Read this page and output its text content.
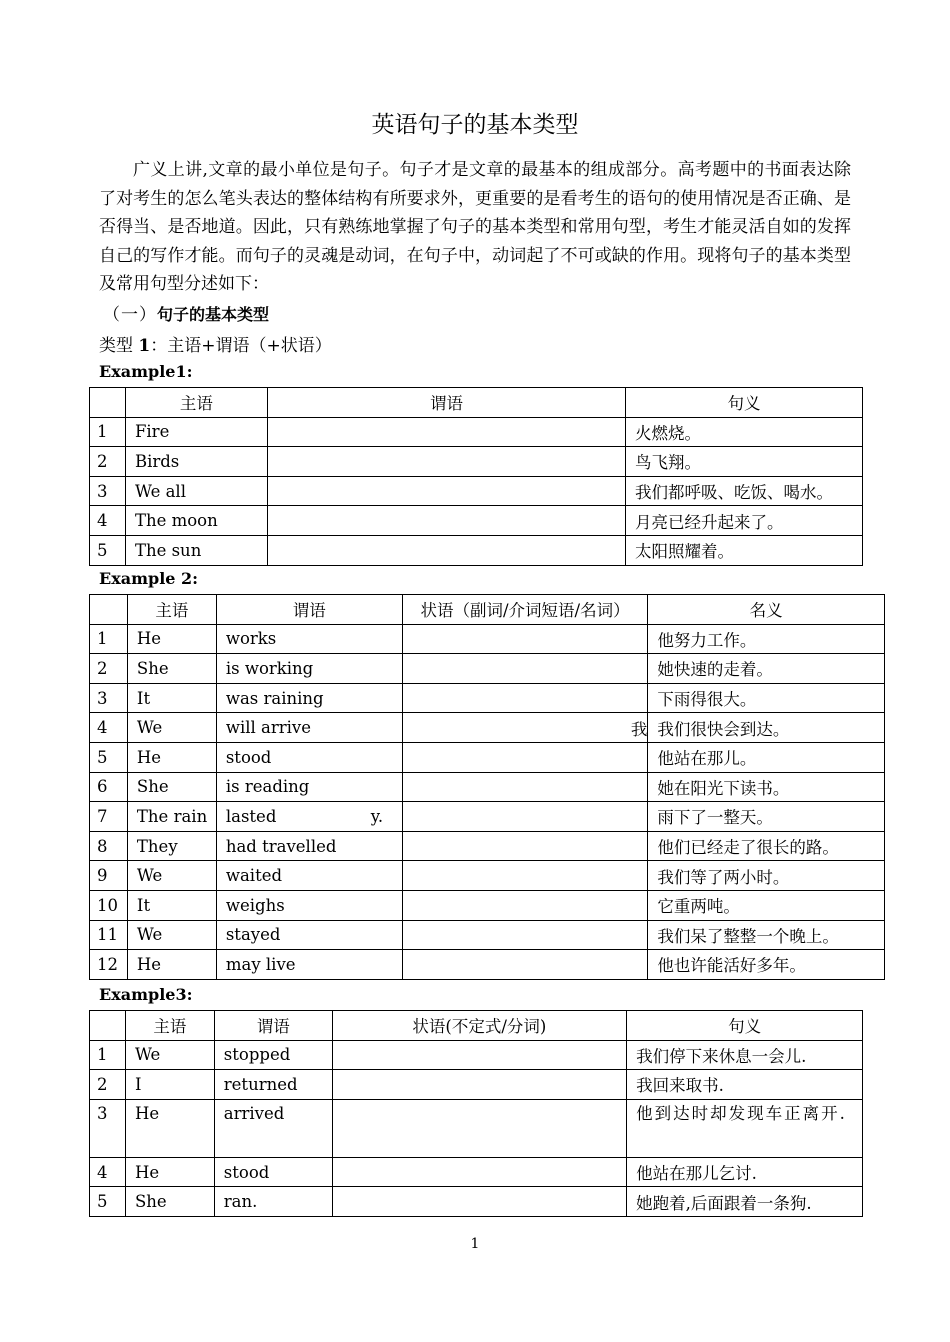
英语句子的基本类型
广义上讲,文章的最小单位是句子。句子才是文章的最基本的组成部分。高考题中的书面表达除了对考生的怎么笔头表达的整体结构有所要求外，更重要的是看考生的语句的使用情况是否正确、是否得当、是否地道。因此，只有熟练地掌握了句子的基本类型和常用句型，考生才能灵活自如的发挥自己的写作才能。而句子的灵魂是动词，在句子中，动词起了不可或缺的作用。现将句子的基本类型及常用句型分述如下：
（一）句子的基本类型
类型 1：主语+谓语（+状语）
Example1:
	主语	谓语	句义
1	Fire		火燃烧。
2	Birds		鸟飞翔。
3	We all		我们都呼吸、吃饭、喝水。
4	The moon		月亮已经升起来了。
5	The sun		太阳照耀着。
Example 2:
	主语	谓语	状语（副词/介词短语/名词）	名义
1	He	works		他努力工作。
2	She	is working		她快速的走着。
3	It	was raining		下雨得很大。
4	We	will arrive	我	我们很快会到达。
5	He	stood		他站在那儿。
6	She	is reading		她在阳光下读书。
7	The rain	lasted                  y.		雨下了一整天。
8	They	had travelled		他们已经走了很长的路。
9	We	waited		我们等了两小时。
10	It	weighs		它重两吨。
11	We	stayed		我们呆了整整一个晚上。
12	He	may live		他也许能活好多年。
Example3:
	主语	谓语	状语(不定式/分词)	句义
1	We	stopped		我们停下来休息一会儿.
2	I	returned		我回来取书.
3	He	arrived		他到达时却发现车正离开.
4	He	stood		他站在那儿乞讨.
5	She	ran.		她跑着,后面跟着一条狗.
1
